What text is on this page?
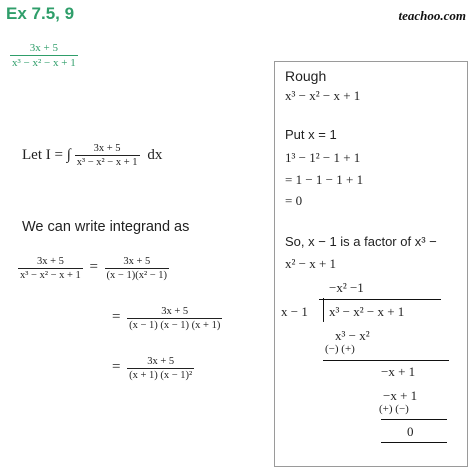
Ex 7.5, 9	teachoo.com
$\frac{3x + 5}{\text{x³ − x² − x + 1}}$
Let I = ∫ $\frac{3x + 5}{\text{x³ − x² − x + 1}}$ dx
We can write integrand as
$\frac{3x + 5}{\text{x³ − x² − x + 1}} = \frac{3x + 5}{\text{(x − 1)(x² − 1)}}$
= $\frac{3x + 5}{(x - 1) (x - 1) (x + 1)}$
= $\frac{3x + 5}{\text{(x + 1) (x − 1)²}}$
Rough
x³ − x² − x + 1
Put x = 1
1³ − 1² − 1 + 1
= 1 − 1 − 1 + 1
= 0
So, x − 1 is a factor of x³ −
x² − x + 1
−x² −1
x − 1 x³ − x² − x + 1
x³ − x²
(−) (+)
−x + 1
−x + 1
(+) (−)
0
